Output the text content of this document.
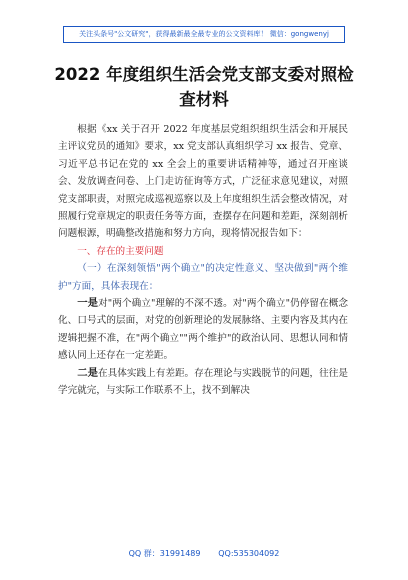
关注头条号"公文研究"，获得最新最全最专业的公文资料库！ 微信：gongwenyj
2022 年度组织生活会党支部支委对照检
查材料

根据《xx 关于召开 2022 年度基层党组织组织生活会和开展民主评议党员的通知》要求，xx 党支部认真组织学习 xx 报告、党章、习近平总书记在党的 xx 全会上的重要讲话精神等，通过召开座谈会、发放调查问卷、上门走访征询等方式，广泛征求意见建议，对照党支部职责，对照完成巡视巡察以及上年度组织生活会整改情况，对照履行党章规定的职责任务等方面，查摆存在问题和差距，深刻剖析问题根源，明确整改措施和努力方向，现将情况报告如下：

一、存在的主要问题

（一）在深刻领悟"两个确立"的决定性意义、坚决做到"两个维护"方面，具体表现在：

一是对"两个确立"理解的不深不透。对"两个确立"仍停留在概念化、口号式的层面，对党的创新理论的发展脉络、主要内容及其内在逻辑把握不准，在"两个确立""两个维护"的政治认同、思想认同和情感认同上还存在一定差距。

二是在具体实践上有差距。存在理论与实践脱节的问题，往往是学完就完，与实际工作联系不上，找不到解决

QQ 群：31991489       QQ:535304092
